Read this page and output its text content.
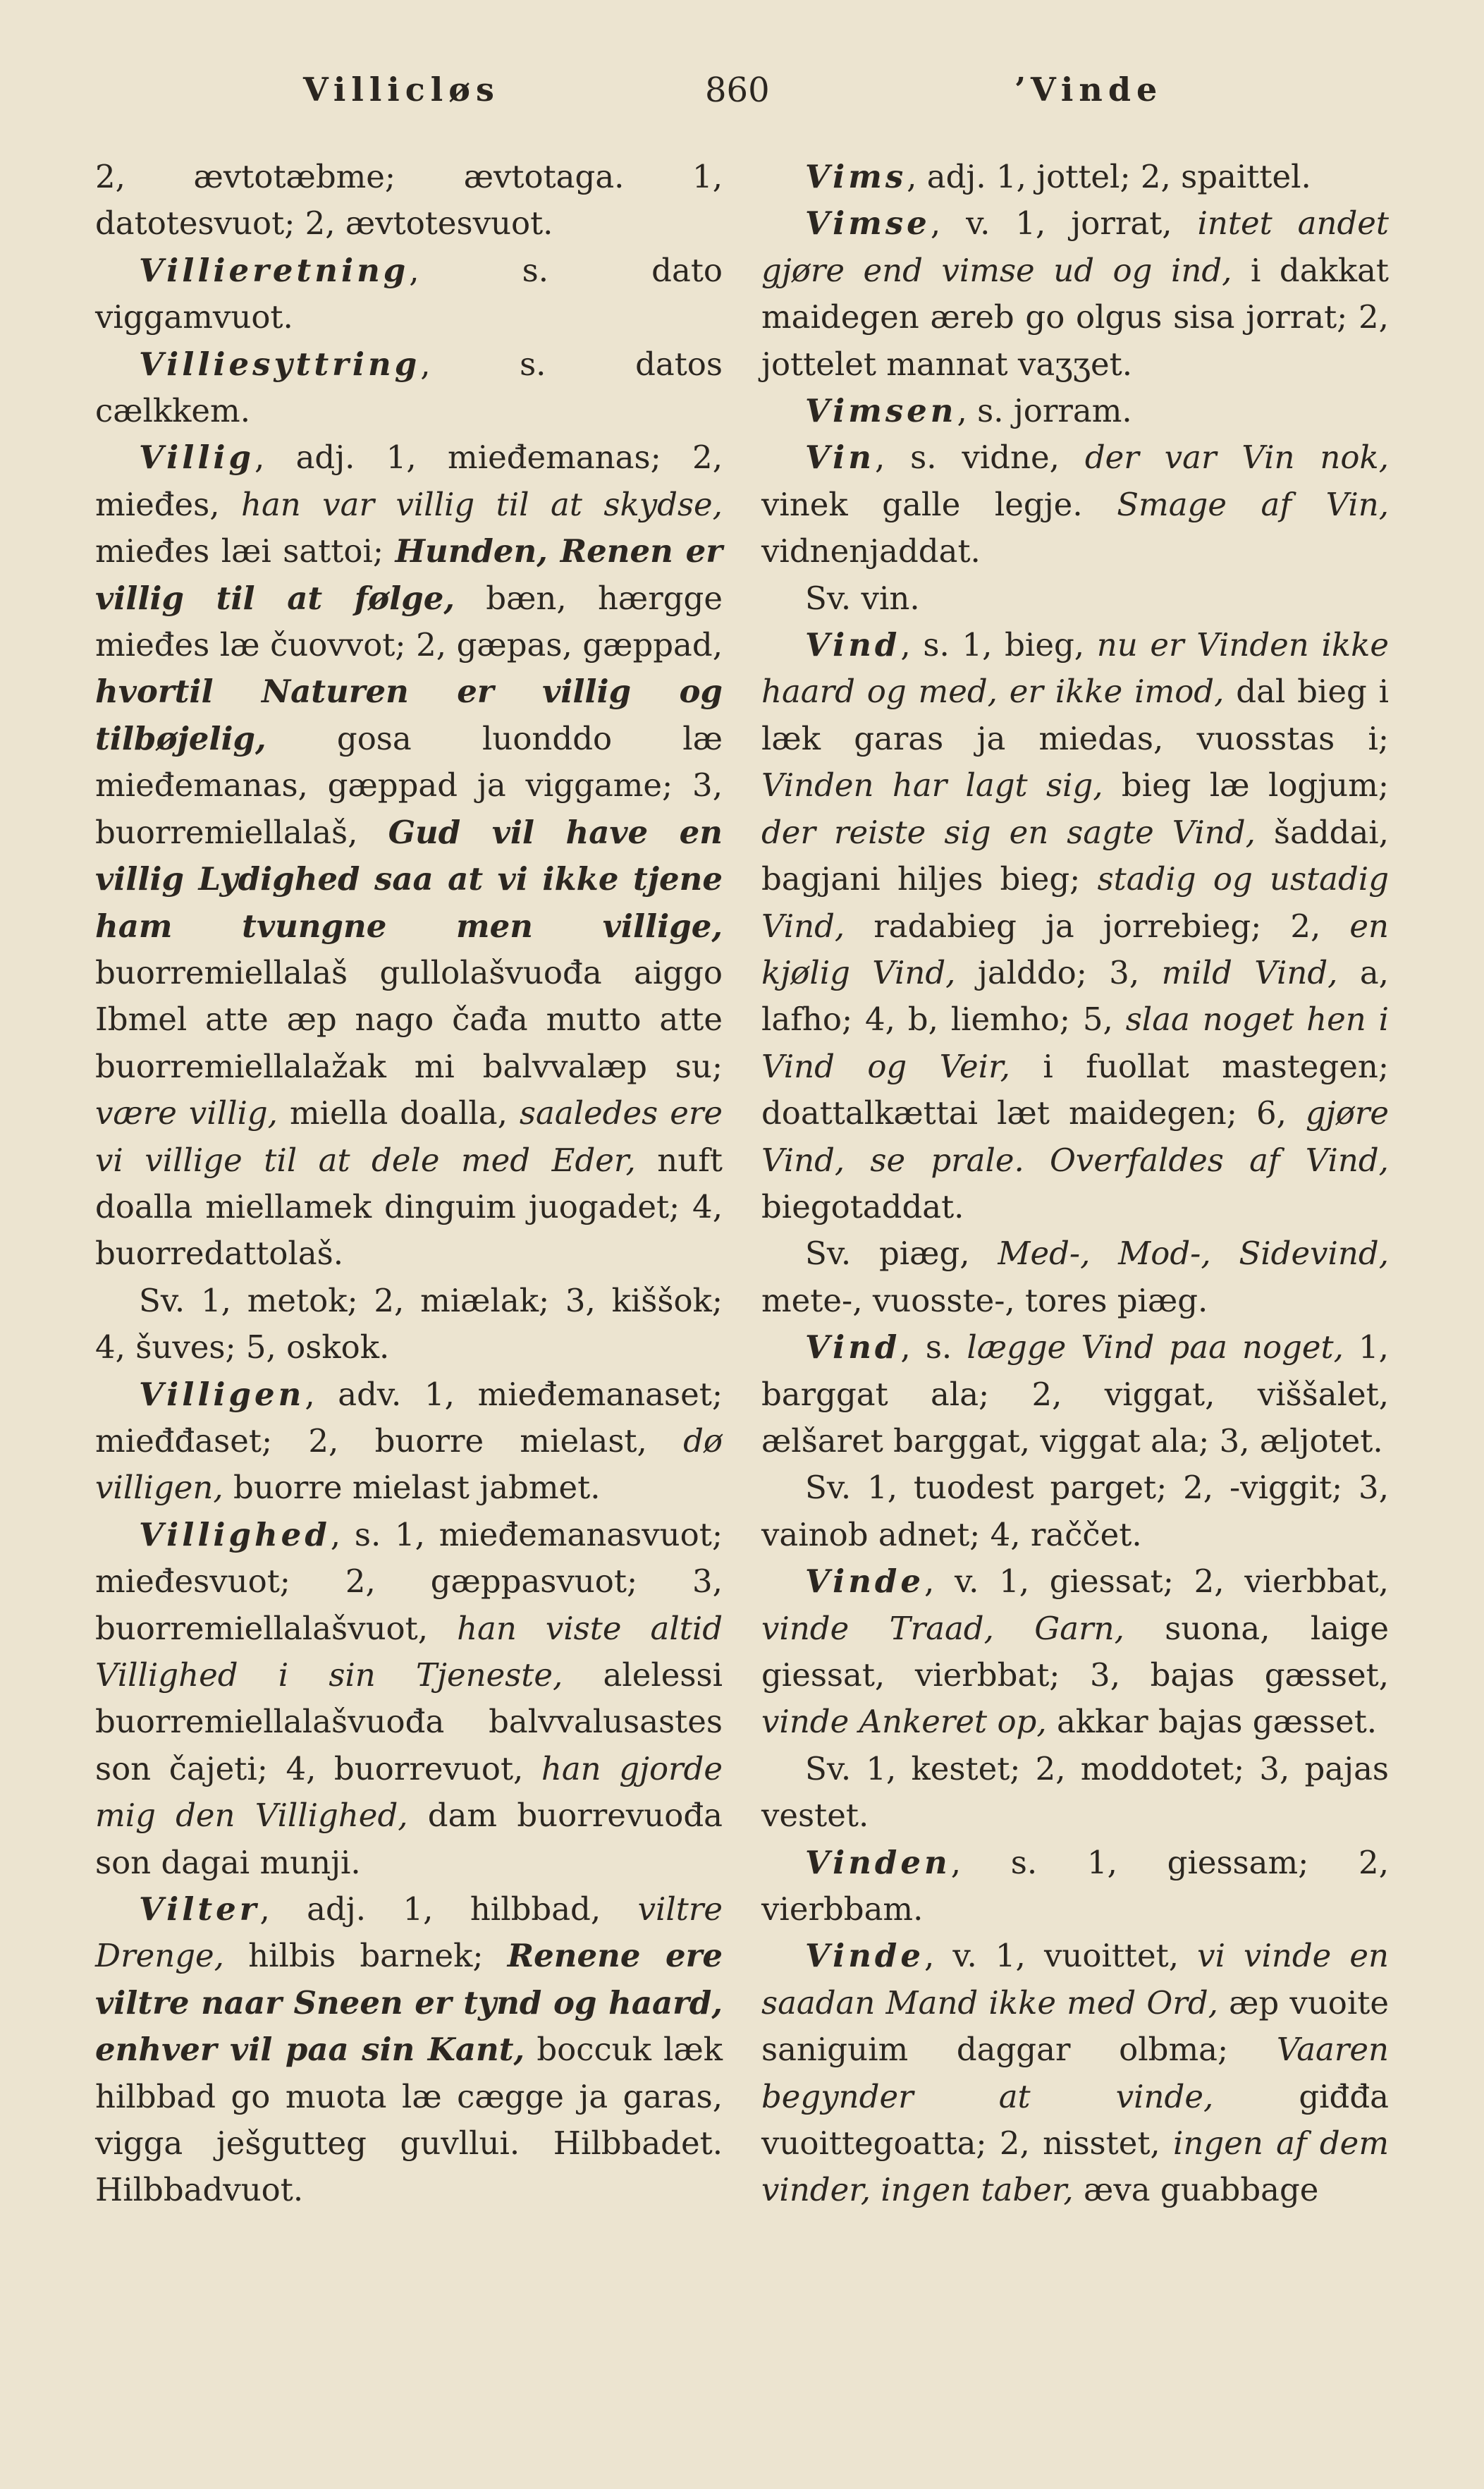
Villicløs	860	ʼVinde

2, ævtotæbme; ævtotaga. 1, datotesvuot; 2, ævtotesvuot.

Villieretning, s. dato viggamvuot.

Villiesyttring, s. datos cælkkem.

Villig, adj. 1, mieđemanas; 2, mieđes, han var villig til at skydse, mieđes læi sattoi; Hunden, Renen er villig til at følge, bæn, hærgge mieđes læ čuovvot; 2, gæpas, gæppad, hvortil Naturen er villig og tilbøjelig, gosa luonddo læ mieđemanas, gæppad ja viggame; 3, buorremiellalaš, Gud vil have en villig Lydighed saa at vi ikke tjene ham tvungne men villige, buorremiellalaš gullolašvuođa aiggo Ibmel atte æp nago čađa mutto atte buorremiellalažak mi balvvalæp su; være villig, miella doalla, saaledes ere vi villige til at dele med Eder, nuft doalla miellamek dinguim juogadet; 4, buorredattolaš.

Sv. 1, metok; 2, miælak; 3, kiššok; 4, šuves; 5, oskok.

Villigen, adv. 1, mieđemanaset; mieđđaset; 2, buorre mielast, dø villigen, buorre mielast jabmet.

Villighed, s. 1, mieđemanasvuot; mieđesvuot; 2, gæppasvuot; 3, buorremiellalašvuot, han viste altid Villighed i sin Tjeneste, alelessi buorremiellalašvuođa balvvalusastes son čajeti; 4, buorrevuot, han gjorde mig den Villighed, dam buorrevuođa son dagai munji.

Vilter, adj. 1, hilbbad, viltre Drenge, hilbis barnek; Renene ere viltre naar Sneen er tynd og haard, enhver vil paa sin Kant, boccuk læk hilbbad go muota læ cægge ja garas, vigga ješgutteg guvllui. Hilbbadet. Hilbbadvuot.

Vims, adj. 1, jottel; 2, spaittel.

Vimse, v. 1, jorrat, intet andet gjøre end vimse ud og ind, i dakkat maidegen æreb go olgus sisa jorrat; 2, jottelet mannat vaʒʒet.

Vimsen, s. jorram.

Vin, s. vidne, der var Vin nok, vinek galle legje. Smage af Vin, vidnenjaddat.

Sv. vin.

Vind, s. 1, bieg, nu er Vinden ikke haard og med, er ikke imod, dal bieg i læk garas ja miedas, vuosstas i; Vinden har lagt sig, bieg læ logjum; der reiste sig en sagte Vind, šaddai, bagjani hiljes bieg; stadig og ustadig Vind, radabieg ja jorrebieg; 2, en kjølig Vind, jalddo; 3, mild Vind, a, lafho; 4, b, liemho; 5, slaa noget hen i Vind og Veir, i fuollat mastegen; doattalkættai læt maidegen; 6, gjøre Vind, se prale. Overfaldes af Vind, biegotaddat.

Sv. piæg, Med-, Mod-, Sidevind, mete-, vuosste-, tores piæg.

Vind, s. lægge Vind paa noget, 1, barggat ala; 2, viggat, viššalet, ælšaret barggat, viggat ala; 3, æljotet.

Sv. 1, tuodest parget; 2, -viggit; 3, vainob adnet; 4, raččet.

Vinde, v. 1, giessat; 2, vierbbat, vinde Traad, Garn, suona, laige giessat, vierbbat; 3, bajas gæsset, vinde Ankeret op, akkar bajas gæsset.

Sv. 1, kestet; 2, moddotet; 3, pajas vestet.

Vinden, s. 1, giessam; 2, vierbbam.

Vinde, v. 1, vuoittet, vi vinde en saadan Mand ikke med Ord, æp vuoite saniguim daggar olbma; Vaaren begynder at vinde, giđđa vuoittegoatta; 2, nisstet, ingen af dem vinder, ingen taber, æva guabbage
